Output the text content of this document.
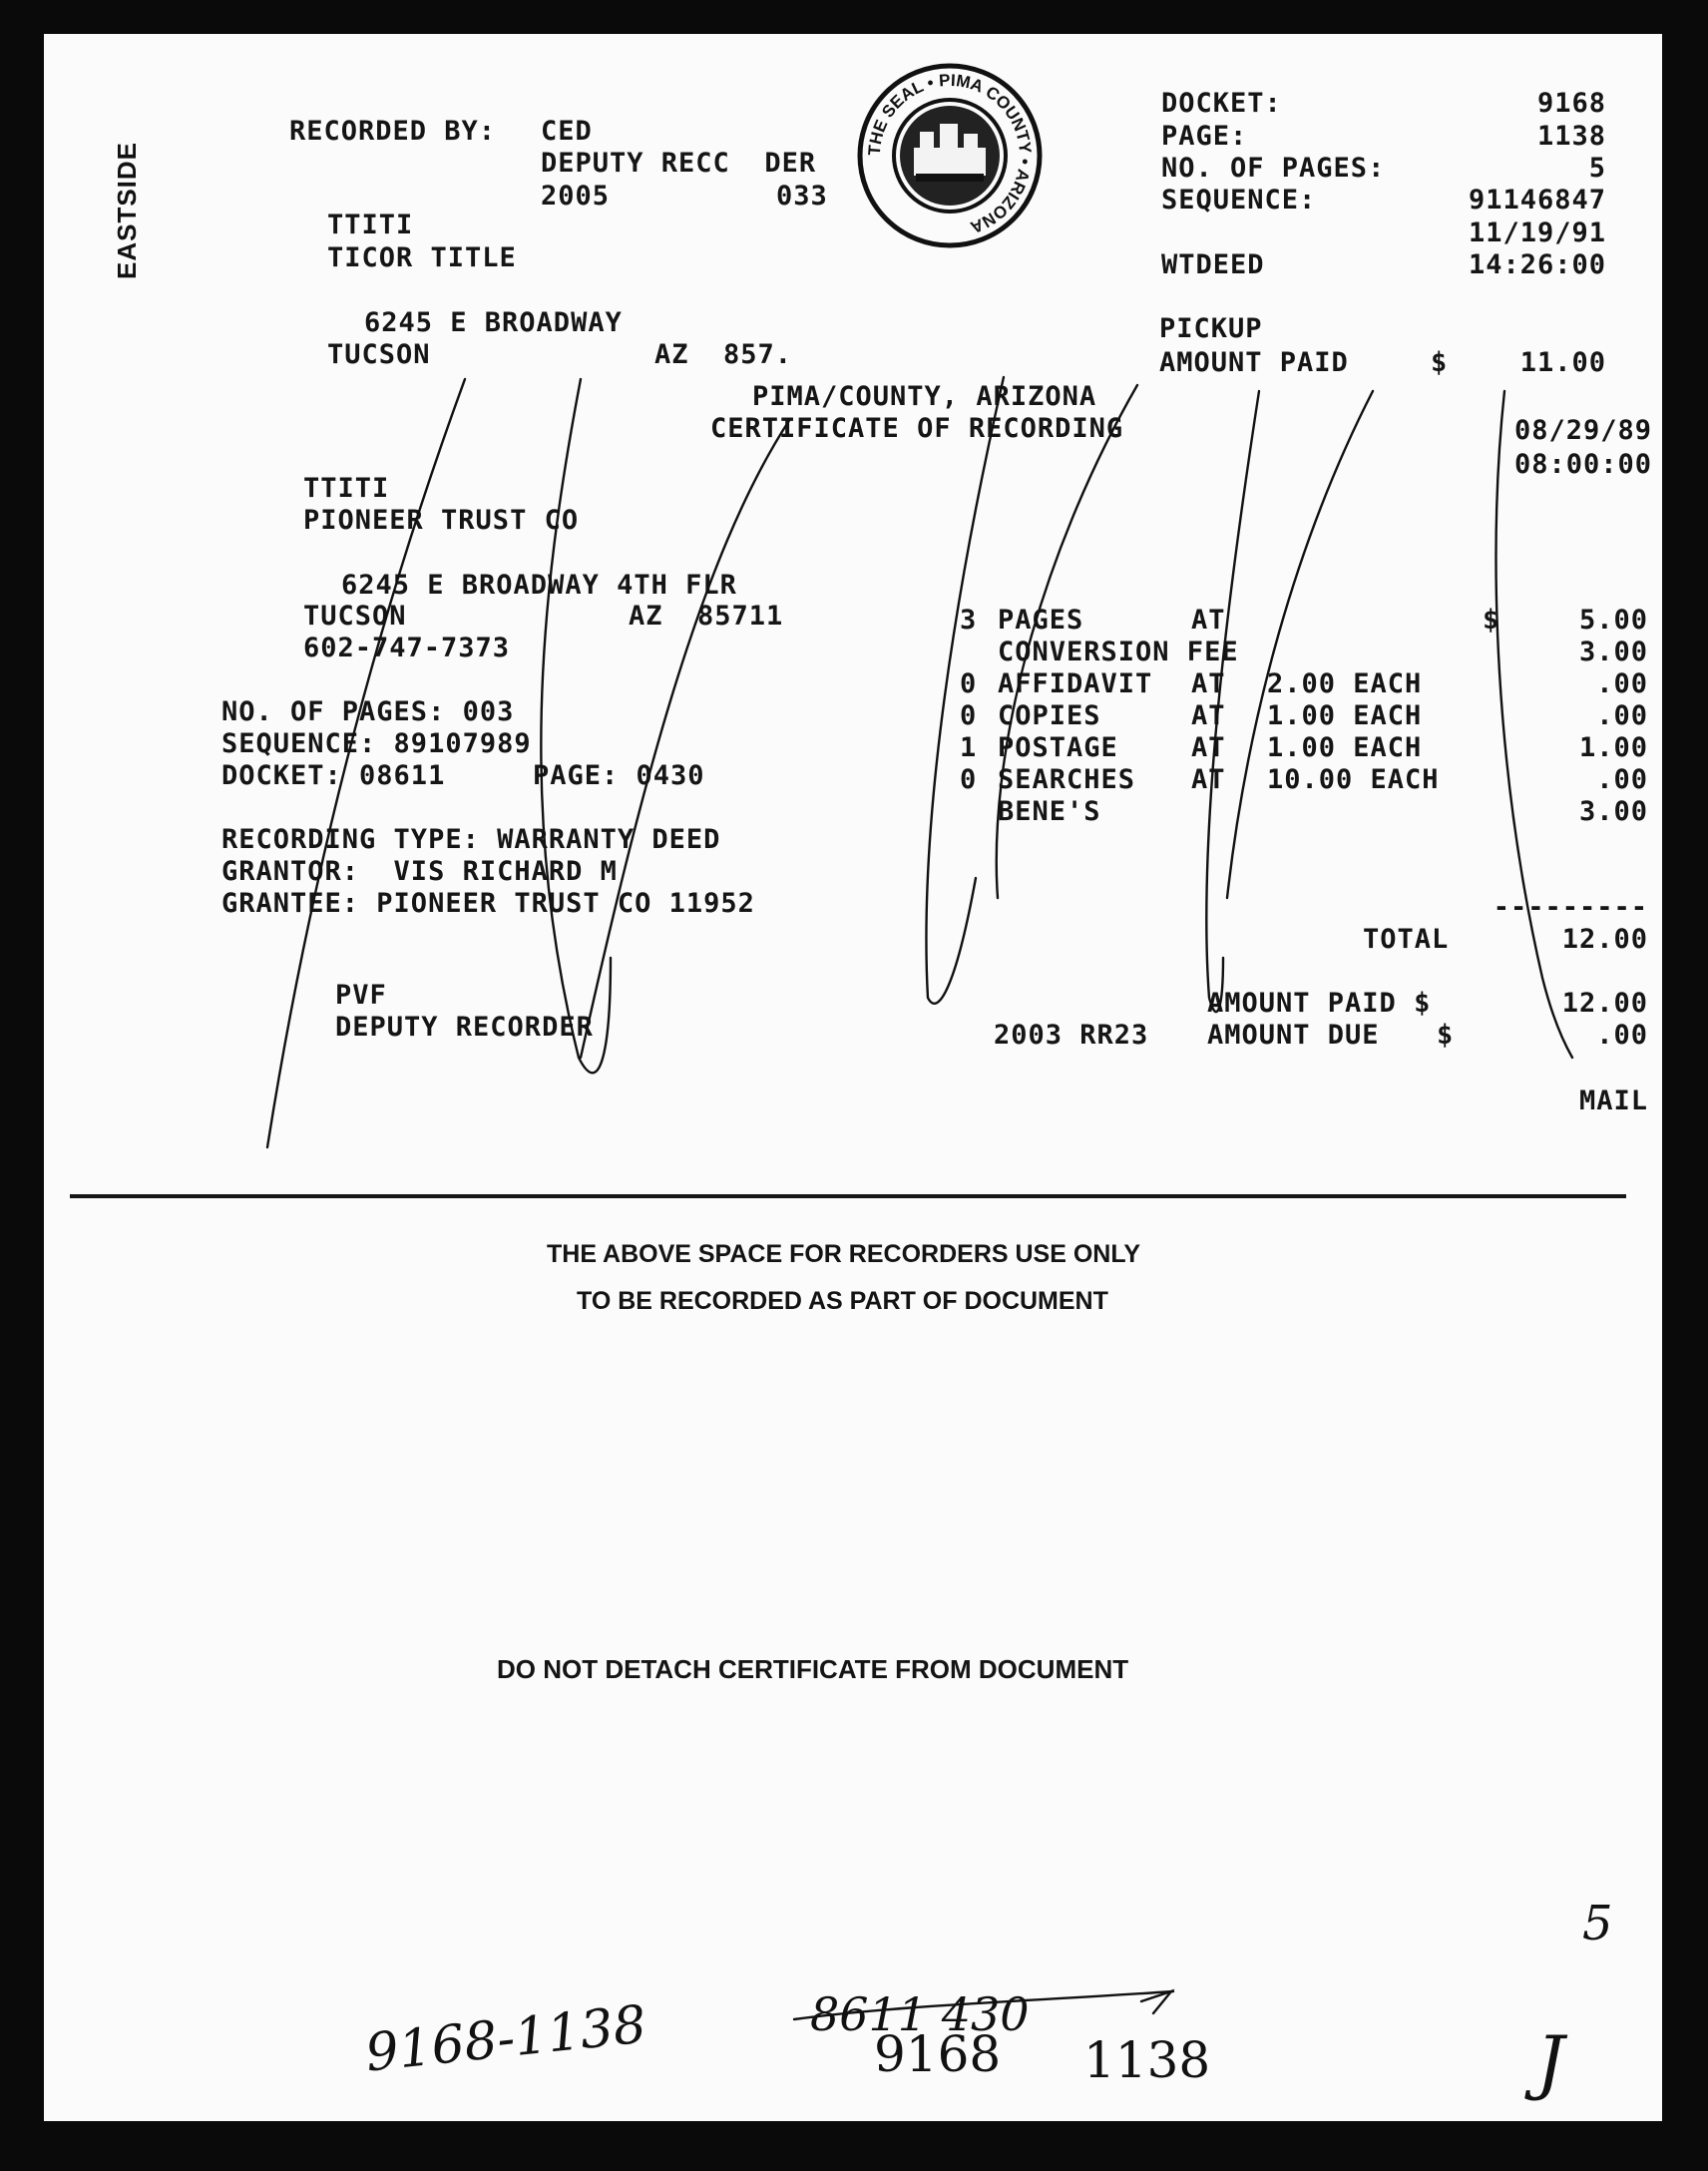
EASTSIDE	THE SEAL • PIMA COUNTY • ARIZONA
RECORDED BY: CED
DEPUTY RECC  DER
2005	033
TTITI
TICOR TITLE
6245 E BROADWAY
TUCSON	AZ  857.
DOCKET:	9168
PAGE:	1138
NO. OF PAGES:	5
SEQUENCE:	91146847
11/19/91
WTDEED	14:26:00
PICKUP
AMOUNT PAID	$	11.00
PIMA/COUNTY, ARIZONA
CERTIFICATE OF RECORDING	08/29/89
08:00:00
TTITI
PIONEER TRUST CO
6245 E BROADWAY 4TH FLR
TUCSON	AZ  85711
602-747-7373
NO. OF PAGES: 003
SEQUENCE: 89107989
DOCKET: 08611	PAGE: 0430
RECORDING TYPE: WARRANTY DEED
GRANTOR:  VIS RICHARD M
GRANTEE: PIONEER TRUST CO 11952
PVF
DEPUTY RECORDER
3 PAGES	AT	$	5.00
CONVERSION FEE	3.00
0 AFFIDAVIT AT 2.00 EACH	.00
0 COPIES	AT 1.00 EACH	.00
1 POSTAGE	AT 1.00 EACH	1.00
0 SEARCHES AT 10.00 EACH	.00
BENE'S	3.00
---------
TOTAL	12.00
2003 RR23
AMOUNT PAID $	12.00
AMOUNT DUE $	.00
MAIL
THE ABOVE SPACE FOR RECORDERS USE ONLY
TO BE RECORDED AS PART OF DOCUMENT
DO NOT DETACH CERTIFICATE FROM DOCUMENT
9168-1138	8611 430
9168 1138
5
J
